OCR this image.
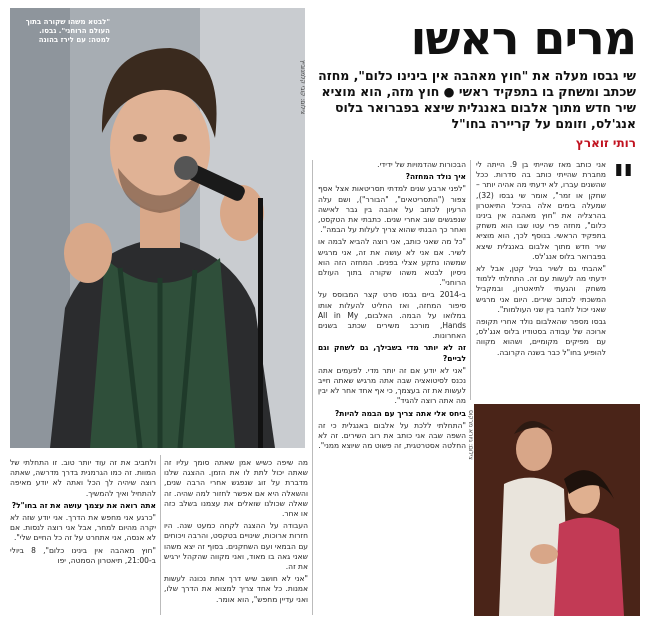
"לבטא משהו שקורה בתוך העולם הרוחני". גבסו. למטה: עם לירז בהונה
צילום: קובי קלמנוביץ
מרים ראשו
שי גבסו מעלה את "חוץ מאהבה אין בינינו כלום", מחזה שכתב ומשחק בו בתפקיד ראשי ● חוץ מזה, הוא מוציא שיר חדש מתוך אלבום באנגלית שיצא בפברואר בלוס אנג'לס, וזומם על קריירה בחו"ל
רותי זוארץ
"

אני כותב מאז שהייתי בן 9. הייתה לי מחברת שהייתי כותב בה סדרות. ככל שהשנים עברו, לא ידעתי מה אהיה יותר – שחקן או זמר", אומר שי גבסו (32), שמעלה בימים אלה בהיכל התיאטרון בהרצליה את "חוץ מאהבה אין בינינו כלום", מחזה פרי עטו שבו הוא משחק בתפקיד הראשי. בנוסף לכך, הוא מוציא שיר חדש מתוך אלבום באנגלית שיצא בפברואר בלוס אנג'לס.

"אהבתי גם לשיר בגיל קטן, אבל לא ידעתי מה לעשות עם זה. התחלתי ללמוד משחק והגעתי לתיאטרון, ובמקביל המשכתי לכתוב שירים. היום אני מרגיש שאני יכול לחבר בין שני העולמות".

גבסו מספר שהאלבום נולד אחרי תקופה ארוכה של עבודה בסטודיו בלוס אנג'לס, עם מפיקים מקומיים, ושהוא מקווה להופיע בחו"ל כבר בשנה הקרובה.

הבכורות שהדמויות של ידידי.

איך נולד המחזה?

"לפני ארבע שנים למדתי תסריטאות אצל אסף צפור ("התסריטאים", "הבורר"), ושם עלה הרעיון לכתוב על אהבה בין גבר לאישה שנפגשים שוב אחרי שנים. כתבתי את הטקסט, ואחר כך הבנתי שהוא צריך לעלות על הבמה".

"כל מה שאני כותב, אני רוצה להביא לבמה או לשיר. אם אני לא עושה את זה, אני מרגיש שמשהו נתקע אצלי בפנים. המחזה הזה הוא ניסיון לבטא משהו שקורה בתוך העולם הרוחני".

ב-2014 ביים גבסו סרט קצר המבוסס על סיפור המחזה, ואז החליט להעלות אותו במלואו על הבמה. האלבום, All in My Hands, מורכב משירים שכתב בשנים האחרונות.

זה לא יותר מדי בשבילך, גם לשחק וגם לביים?

"אני לא יודע אם זה יותר מדי. לפעמים אתה נכנס לסיטואציה שבה אתה מרגיש שאתה חייב לעשות את זה בעצמך, כי אף אחד אחר לא יבין מה אתה רוצה להגיד".

ביחס אלי אתה צריך עם הבמה להיות?

"התחלתי ללכת על אלבום באנגלית כי זה השפה שבה אני כותב את רוב השירים. זה לא החלטה אסטרטגית, זה פשוט מה שיוצא ממני".

מה שיפה כשיש אמן שאתה סומך עליו זה שאתה יכול לתת לו את הזמן. ההצגה שלנו מדברת על זוג שנפגש אחרי הרבה שנים, והשאלה היא אם אפשר לחזור למה שהיה. זה שאלה שכולנו שואלים את עצמנו בשלב כזה או אחר.

העבודה על ההצגה לקחה כמעט שנה. היו חזרות ארוכות, שינויים בטקסט, והרבה ויכוחים עם הבמאי ועם השחקנים. בסוף זה יצא משהו שאני גאה בו מאוד, ואני מקווה שהקהל ירגיש את זה.

"אני לא חושב שיש דרך אחת נכונה לעשות אמנות. כל אחד צריך למצוא את הדרך שלו, ואני עדיין מחפש", הוא אומר.

ולחביב את זה עוד יותר טוב. זו התחלתי של המוות. זה כמו הגרמנית בדרך מדרשה, שאתה רוצה שיהיה לך הכל ואתה לא יודע מאיפה להתחיל ואיך להמשיך.

אתה רואה את עצמך עושה את זה בחו"ל?

"כרגע אני מחפש את הדרך. אני יודע שזה לא יקרה מהיום למחר, אבל אני רוצה לנסות. אם לא אנסה, אני אתחרט על זה כל החיים שלי".

"חוץ מאהבה אין בינינו כלום", 8 ביולי ב-21:00, תיאטרון הסמטה, יפו

צילום: גיורא מרקוס
